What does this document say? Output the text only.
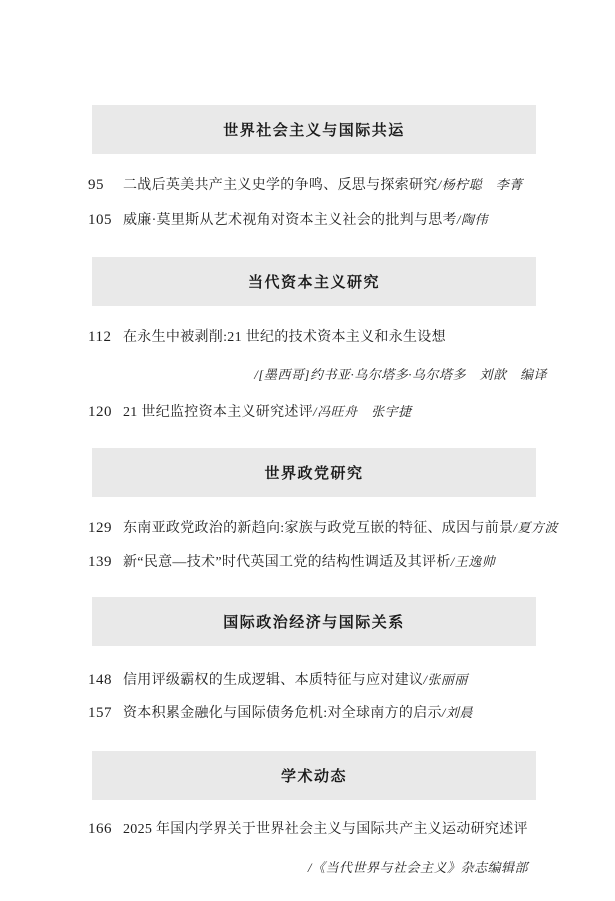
世界社会主义与国际共运
95 二战后英美共产主义史学的争鸣、反思与探索研究/杨柠聪　李菁
105 威廉·莫里斯从艺术视角对资本主义社会的批判与思考/陶伟
当代资本主义研究
112 在永生中被剥削:21 世纪的技术资本主义和永生设想
/[墨西哥]约书亚·乌尔塔多·乌尔塔多　刘歆　编译
120 21 世纪监控资本主义研究述评/冯旺舟　张宇捷
世界政党研究
129 东南亚政党政治的新趋向:家族与政党互嵌的特征、成因与前景/夏方波
139 新“民意—技术”时代英国工党的结构性调适及其评析/王逸帅
国际政治经济与国际关系
148 信用评级霸权的生成逻辑、本质特征与应对建议/张丽丽
157 资本积累金融化与国际债务危机:对全球南方的启示/刘晨
学术动态
166 2025 年国内学界关于世界社会主义与国际共产主义运动研究述评
/《当代世界与社会主义》杂志编辑部
